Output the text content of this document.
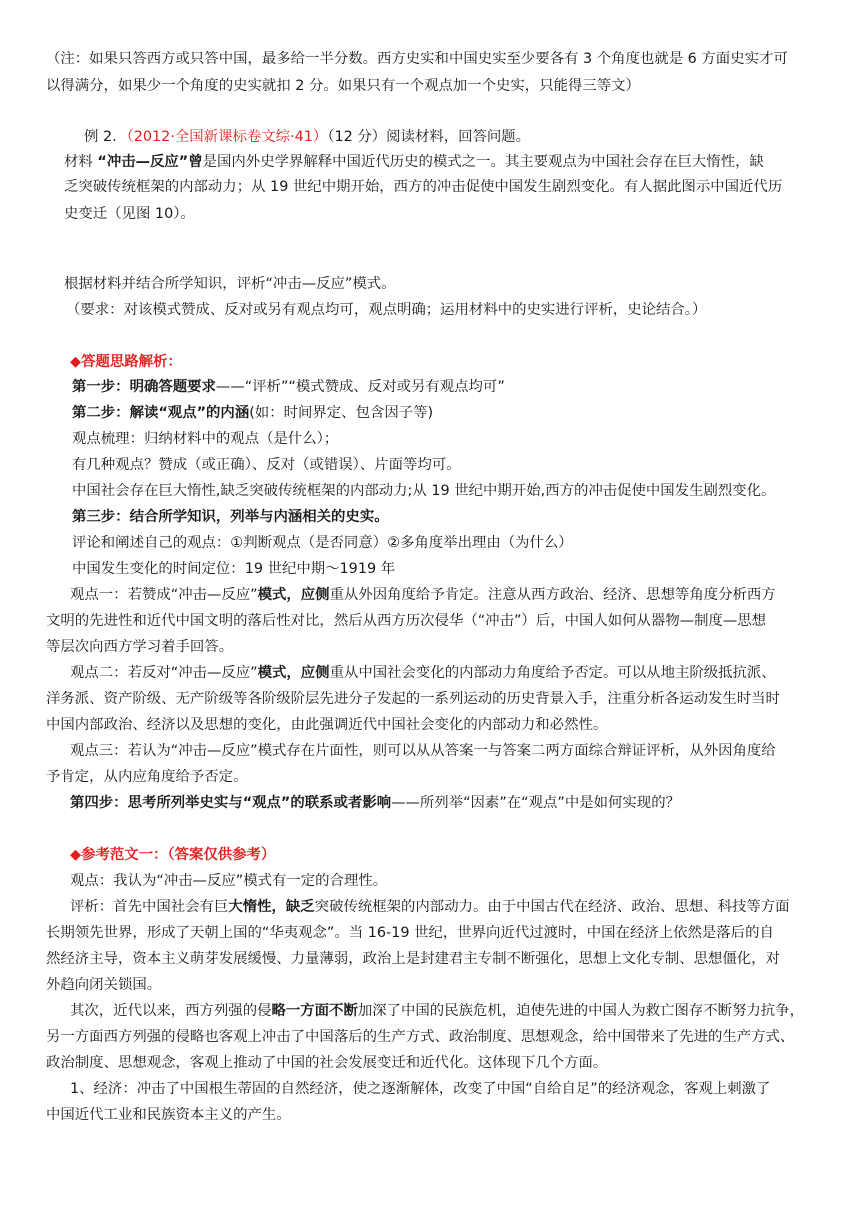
（注：如果只答西方或只答中国，最多给一半分数。西方史实和中国史实至少要各有 3 个角度也就是 6 方面史实才可
以得满分，如果少一个角度的史实就扣 2 分。如果只有一个观点加一个史实，只能得三等文）
例 2．（2012·全国新课标卷文综·41）（12 分）阅读材料，回答问题。
材料 “冲击—反应”曾是国内外史学界解释中国近代历史的模式之一。其主要观点为中国社会存在巨大惰性，缺
乏突破传统框架的内部动力；从 19 世纪中期开始，西方的冲击促使中国发生剧烈变化。有人据此图示中国近代历
史变迁（见图 10）。
根据材料并结合所学知识，评析“冲击—反应”模式。
（要求：对该模式赞成、反对或另有观点均可，观点明确；运用材料中的史实进行评析，史论结合。）
◆答题思路解析：
第一步：明确答题要求——“评析”“模式赞成、反对或另有观点均可”
第二步：解读“观点”的内涵(如：时间界定、包含因子等)
观点梳理：归纳材料中的观点（是什么）；
有几种观点？赞成（或正确）、反对（或错误）、片面等均可。
中国社会存在巨大惰性,缺乏突破传统框架的内部动力;从 19 世纪中期开始,西方的冲击促使中国发生剧烈变化。
第三步：结合所学知识，列举与内涵相关的史实。
评论和阐述自己的观点：①判断观点（是否同意）②多角度举出理由（为什么）
中国发生变化的时间定位：19 世纪中期～1919 年
观点一：若赞成“冲击—反应”模式，应侧重从外因角度给予肯定。注意从西方政治、经济、思想等角度分析西方
文明的先进性和近代中国文明的落后性对比，然后从西方历次侵华（“冲击”）后，中国人如何从器物—制度—思想
等层次向西方学习着手回答。
观点二：若反对“冲击—反应”模式，应侧重从中国社会变化的内部动力角度给予否定。可以从地主阶级抵抗派、
洋务派、资产阶级、无产阶级等各阶级阶层先进分子发起的一系列运动的历史背景入手，注重分析各运动发生时当时
中国内部政治、经济以及思想的变化，由此强调近代中国社会变化的内部动力和必然性。
观点三：若认为“冲击—反应”模式存在片面性，则可以从从答案一与答案二两方面综合辩证评析，从外因角度给
予肯定，从内应角度给予否定。
第四步：思考所列举史实与“观点”的联系或者影响——所列举“因素”在“观点”中是如何实现的？
◆参考范文一：（答案仅供参考）
观点：我认为“冲击—反应”模式有一定的合理性。
评析：首先中国社会有巨大惰性，缺乏突破传统框架的内部动力。由于中国古代在经济、政治、思想、科技等方面
长期领先世界，形成了天朝上国的“华夷观念”。当 16-19 世纪，世界向近代过渡时，中国在经济上依然是落后的自
然经济主导，资本主义萌芽发展缓慢、力量薄弱，政治上是封建君主专制不断强化，思想上文化专制、思想僵化，对
外趋向闭关锁国。
其次，近代以来，西方列强的侵略一方面不断加深了中国的民族危机，迫使先进的中国人为救亡图存不断努力抗争，
另一方面西方列强的侵略也客观上冲击了中国落后的生产方式、政治制度、思想观念，给中国带来了先进的生产方式、
政治制度、思想观念，客观上推动了中国的社会发展变迁和近代化。这体现下几个方面。
1、经济：冲击了中国根生蒂固的自然经济，使之逐渐解体，改变了中国“自给自足”的经济观念，客观上刺激了
中国近代工业和民族资本主义的产生。
